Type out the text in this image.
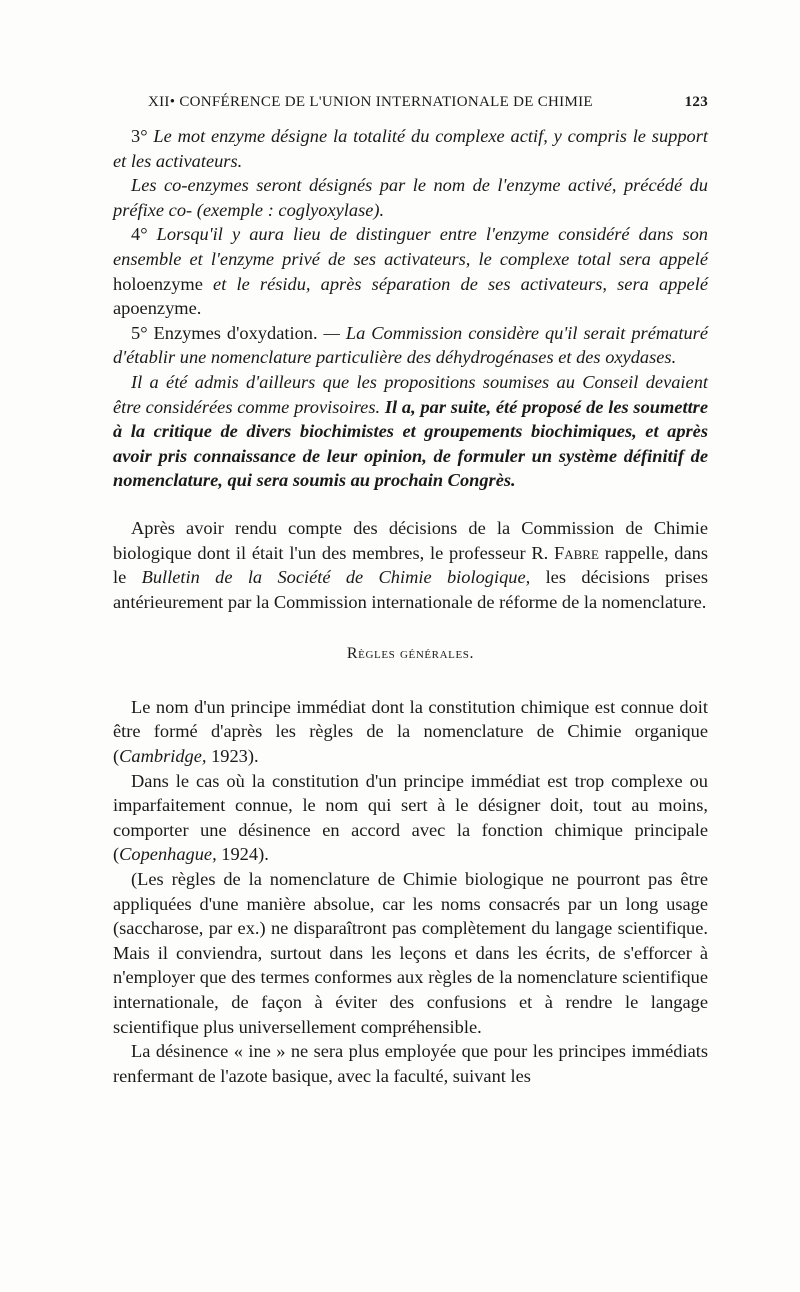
XII• CONFÉRENCE DE L'UNION INTERNATIONALE DE CHIMIE	123

3° Le mot enzyme désigne la totalité du complexe actif, y compris le support et les activateurs.

Les co-enzymes seront désignés par le nom de l'enzyme activé, précédé du préfixe co- (exemple : coglyoxylase).

4° Lorsqu'il y aura lieu de distinguer entre l'enzyme considéré dans son ensemble et l'enzyme privé de ses activateurs, le complexe total sera appelé holoenzyme et le résidu, après séparation de ses activateurs, sera appelé apoenzyme.

5° Enzymes d'oxydation. — La Commission considère qu'il serait prématuré d'établir une nomenclature particulière des déhydrogénases et des oxydases.

Il a été admis d'ailleurs que les propositions soumises au Conseil devaient être considérées comme provisoires. Il a, par suite, été proposé de les soumettre à la critique de divers biochimistes et groupements biochimiques, et après avoir pris connaissance de leur opinion, de formuler un système définitif de nomenclature, qui sera soumis au prochain Congrès.

Après avoir rendu compte des décisions de la Commission de Chimie biologique dont il était l'un des membres, le professeur R. Fabre rappelle, dans le Bulletin de la Société de Chimie biologique, les décisions prises antérieurement par la Commission internationale de réforme de la nomenclature.

Règles générales.

Le nom d'un principe immédiat dont la constitution chimique est connue doit être formé d'après les règles de la nomenclature de Chimie organique (Cambridge, 1923).

Dans le cas où la constitution d'un principe immédiat est trop complexe ou imparfaitement connue, le nom qui sert à le désigner doit, tout au moins, comporter une désinence en accord avec la fonction chimique principale (Copenhague, 1924).

(Les règles de la nomenclature de Chimie biologique ne pourront pas être appliquées d'une manière absolue, car les noms consacrés par un long usage (saccharose, par ex.) ne disparaîtront pas complètement du langage scientifique. Mais il conviendra, surtout dans les leçons et dans les écrits, de s'efforcer à n'employer que des termes conformes aux règles de la nomenclature scientifique internationale, de façon à éviter des confusions et à rendre le langage scientifique plus universellement compréhensible.

La désinence « ine » ne sera plus employée que pour les principes immédiats renfermant de l'azote basique, avec la faculté, suivant les
